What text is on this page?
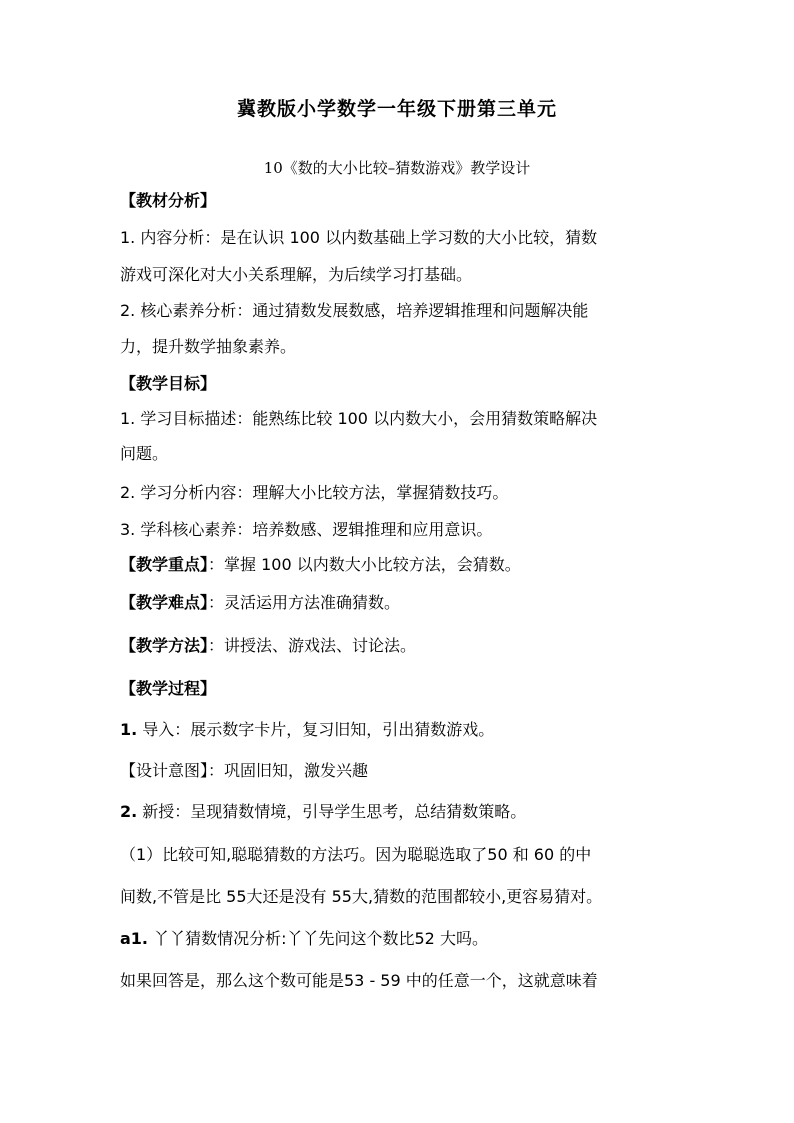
冀教版小学数学一年级下册第三单元
10《数的大小比较–猜数游戏》教学设计
【教材分析】
1. 内容分析：是在认识 100 以内数基础上学习数的大小比较，猜数
游戏可深化对大小关系理解，为后续学习打基础。
2. 核心素养分析：通过猜数发展数感，培养逻辑推理和问题解决能
力，提升数学抽象素养。
【教学目标】
1. 学习目标描述：能熟练比较 100 以内数大小，会用猜数策略解决
问题。
2. 学习分析内容：理解大小比较方法，掌握猜数技巧。
3. 学科核心素养：培养数感、逻辑推理和应用意识。
【教学重点】：掌握 100 以内数大小比较方法，会猜数。
【教学难点】：灵活运用方法准确猜数。
【教学方法】：讲授法、游戏法、讨论法。
【教学过程】
1. 导入：展示数字卡片，复习旧知，引出猜数游戏。
【设计意图】：巩固旧知，激发兴趣
2. 新授：呈现猜数情境，引导学生思考，总结猜数策略。
（1）比较可知,聪聪猜数的方法巧。因为聪聪选取了50 和 60 的中
间数,不管是比 55大还是没有 55大,猜数的范围都较小,更容易猜对。
a1. 丫丫猜数情况分析:丫丫先问这个数比52 大吗。
如果回答是，那么这个数可能是53 - 59 中的任意一个，这就意味着
